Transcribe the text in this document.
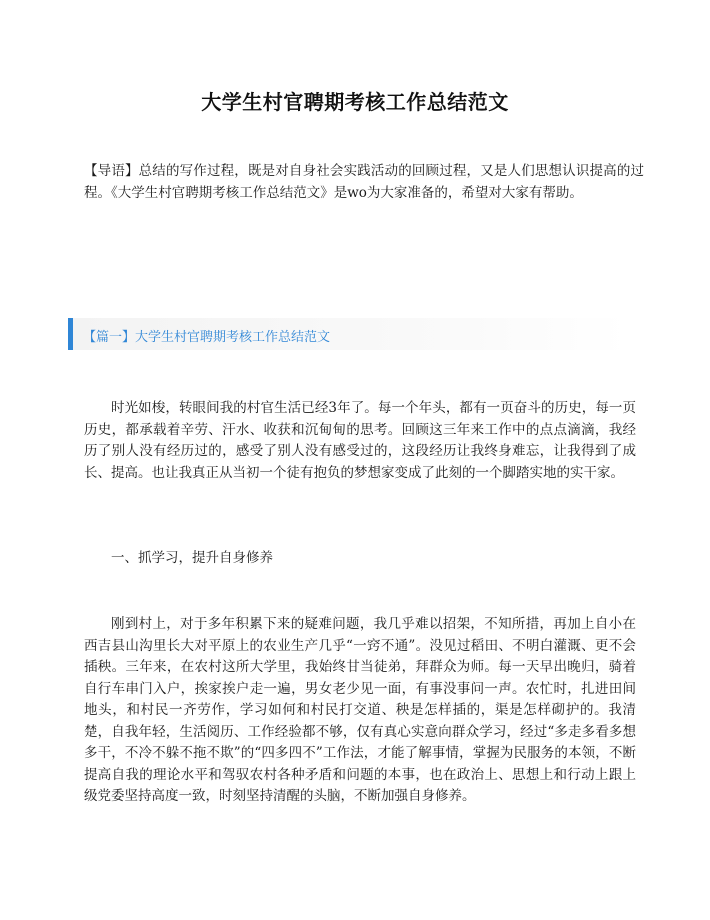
大学生村官聘期考核工作总结范文

【导语】总结的写作过程，既是对自身社会实践活动的回顾过程，又是人们思想认识提高的过程。《大学生村官聘期考核工作总结范文》是wo为大家准备的，希望对大家有帮助。

【篇一】大学生村官聘期考核工作总结范文

时光如梭，转眼间我的村官生活已经3年了。每一个年头，都有一页奋斗的历史，每一页历史，都承载着辛劳、汗水、收获和沉甸甸的思考。回顾这三年来工作中的点点滴滴，我经历了别人没有经历过的，感受了别人没有感受过的，这段经历让我终身难忘，让我得到了成长、提高。也让我真正从当初一个徒有抱负的梦想家变成了此刻的一个脚踏实地的实干家。

一、抓学习，提升自身修养

刚到村上，对于多年积累下来的疑难问题，我几乎难以招架，不知所措，再加上自小在西吉县山沟里长大对平原上的农业生产几乎“一窍不通”。没见过稻田、不明白灌溉、更不会插秧。三年来，在农村这所大学里，我始终甘当徒弟，拜群众为师。每一天早出晚归，骑着自行车串门入户，挨家挨户走一遍，男女老少见一面，有事没事问一声。农忙时，扎进田间地头，和村民一齐劳作，学习如何和村民打交道、秧是怎样插的，渠是怎样砌护的。我清楚，自我年轻，生活阅历、工作经验都不够，仅有真心实意向群众学习，经过“多走多看多想多干，不冷不躲不拖不欺”的“四多四不”工作法，才能了解事情，掌握为民服务的本领，不断提高自我的理论水平和驾驭农村各种矛盾和问题的本事，也在政治上、思想上和行动上跟上级党委坚持高度一致，时刻坚持清醒的头脑，不断加强自身修养。
